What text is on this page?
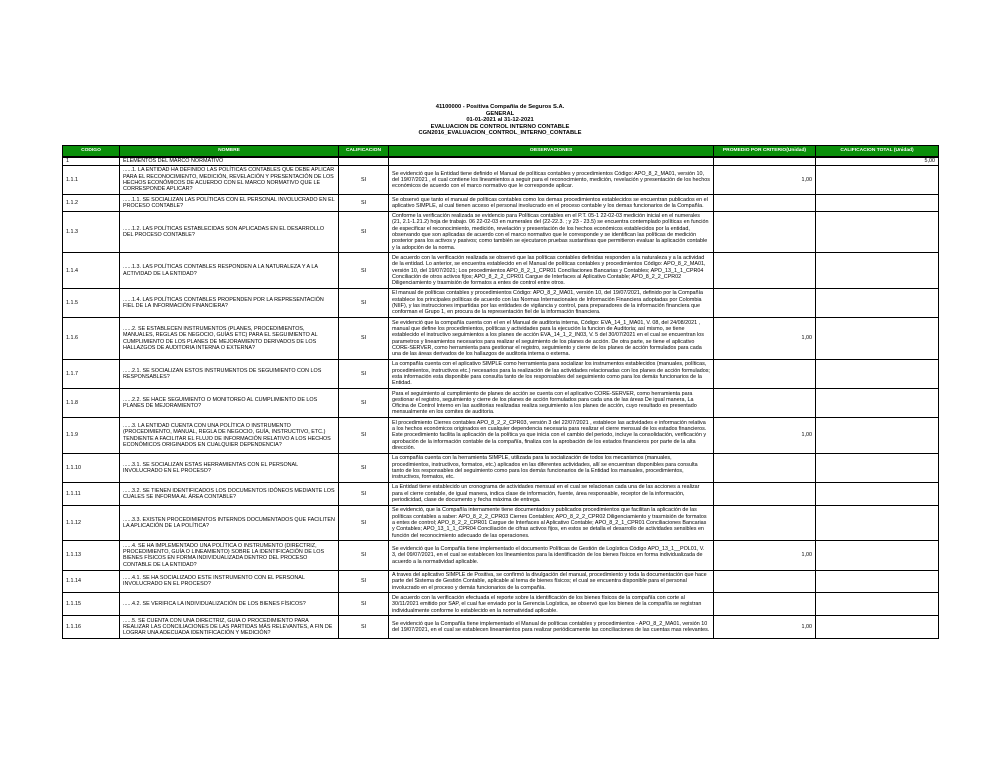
41100000 - Positiva Compañia de Seguros S.A.
GENERAL
01-01-2021 al 31-12-2021
EVALUACION DE CONTROL INTERNO CONTABLE
CGN2016_EVALUACION_CONTROL_INTERNO_CONTABLE
CODIGO	NOMBRE	CALIFICACION	OBSERVACIONES	PROMEDIO POR CRITERIO(Unidad)	CALIFICACION TOTAL (Unidad)
1	ELEMENTOS DEL MARCO NORMATIVO				5,00
1.1.1	......1. LA ENTIDAD HA DEFINIDO LAS POLÍTICAS CONTABLES QUE DEBE APLICAR PARA EL RECONOCIMIENTO, MEDICIÓN, REVELACIÓN Y PRESENTACIÓN DE LOS HECHOS ECONÓMICOS DE ACUERDO CON EL MARCO NORMATIVO QUE LE CORRESPONDE APLICAR?	SI	Se evidenció que la Entidad tiene definido el Manual de políticas contables y procedimientos Código: APO_8_2_MA01, versión 10, del 19/07/2021 , el cual contiene los lineamientos a seguir para el reconocimiento, medición, revelación y presentación de los hechos económicos de acuerdo con el marco normativo que le corresponde aplicar.	1,00	
1.1.2	......1.1. SE SOCIALIZAN LAS POLÍTICAS CON EL PERSONAL INVOLUCRADO EN EL PROCESO CONTABLE?	SI	Se observó que tanto el manual de políticas contables como los demas procedimientos establecidos se encuentran publicados en el aplicativo SIMPLE, al cual tienen acceso el personal involucrado en el proceso contable y los demas funcionarios de la Compañía.		
1.1.3	......1.2. LAS POLÍTICAS ESTABLECIDAS SON APLICADAS EN EL DESARROLLO DEL PROCESO CONTABLE?	SI	Conforme la verificación realizada se evidencio para Políticas contables en el P.T. 05-1 22-02-03 medición inicial en el numerales (21, 2.1-1.21.2) hoja de trabajo. 06 22-02-03 en numerales del (22-22.3. ; y 23 - 23.5) se encuentra contemplado políticas en función de especificar el reconocimiento, medición, revelación y presentación de los hechos económicos establecidos por la entidad, observando que son aplicadas de acuerdo con el marco normativo que le corresponde y se identifican las políticas de medición posterior para los activos y pasivos; como también se ejecutaron pruebas sustantivas que permitieron evaluar la aplicación contable y la adopción de la norma.		
1.1.4	......1.3. LAS POLÍTICAS CONTABLES RESPONDEN A LA NATURALEZA Y A LA ACTIVIDAD DE LA ENTIDAD?	SI	De acuerdo con la verificación realizada se observó que las políticas contables definidas responden a la naturaleza y a la actividad de la entidad. Lo anterior, se encuentra establecido en el Manual de políticas contables y procedimientos Código: APO_8_2_MA01, versión 10, del 19/07/2021; Los procedimientos APO_8_2_1_CPR01 Conciliaciones Bancarias y Contables; APO_13_1_1_CPR04 Conciliación de otros activos fijos; APO_8_2_2_CPR01 Cargue de Interfaces al Aplicativo Contable; APO_8_2_2_CPR02 Diligenciamiento y trasmisión de formatos a entes de control entre otros.		
1.1.5	......1.4. LAS POLÍTICAS CONTABLES PROPENDEN POR LA REPRESENTACIÓN FIEL DE LA INFORMACIÓN FINANCIERA?	SI	El manual de políticas contables y procedimientos Código: APO_8_2_MA01, versión 10, del 19/07/2021, definido por la Compañía establece los principales políticas de acuerdo con las Normas Internacionales de Información Financiera adoptadas por Colombia (NIIF), y las instrucciones impartidas por las entidades de vigilancia y control, para preparadores de la información financiera que conforman el Grupo 1, en procura de la representación fiel de la información financiera.		
1.1.6	......2. SE ESTABLECEN INSTRUMENTOS (PLANES, PROCEDIMIENTOS, MANUALES, REGLAS DE NEGOCIO, GUÍAS ETC) PARA EL SEGUIMIENTO AL CUMPLIMIENTO DE LOS PLANES DE MEJORAMIENTO DERIVADOS DE LOS HALLAZGOS DE AUDITORIA INTERNA O EXTERNA?	SI	Se evidenció que la compañía cuenta con el en el Manual de auditoria interna, Código: EVA_14_1_MA01, V. 08, del 24/08/2021 , manual que define los procedimientos, políticas y actividades para la ejecución la funcion de Auditoria; así mismo, se tiene establecido el instructivo seguimientos a los planes de acción EVA_14_1_2_IN03, V. 5 del 30/07/2021 en el cual se encuentran los parametros y lineamientos necesarios para realizar el seguimiento de los planes de acción. De otra parte, se tiene el aplicativo CORE-SERVER, como herramienta para gestionar el registro, seguimiento y cierre de los planes de acción formulados para cada una de las áreas derivados de los hallazgos de auditoria interna o externa.	1,00	
1.1.7	......2.1. SE SOCIALIZAN ESTOS INSTRUMENTOS DE SEGUIMIENTO CON LOS RESPONSABLES?	SI	La compañía cuenta con el aplicativo SIMPLE como herramienta para socializar los instrumentos establecidos (manuales, políticas, procedimientos, instructivos etc.) necesarios para la realización de las actividades relacionadas con los planes de acción formulados; esta información esta disponible para consulta tanto de los responsables del seguimiento como para los demás funcionarios de la Entidad.		
1.1.8	......2.2. SE HACE SEGUIMIENTO O MONITOREO AL CUMPLIMIENTO DE LOS PLANES DE MEJORAMIENTO?	SI	Para el seguimiento al cumplimiento de planes de acción se cuenta con el aplicativo CORE-SERVER, como herramienta para gestionar el registro, seguimiento y cierre de los planes de acción formulados para cada una de las áreas De igual manera, La Oficina de Control Interno en las auditorias realizadas realiza seguimiento a los planes de acción, cuyo resultado es presentado mensualmente en los comites de auditoria.		
1.1.9	......3. LA ENTIDAD CUENTA CON UNA POLÍTICA O INSTRUMENTO (PROCEDIMIENTO, MANUAL, REGLA DE NEGOCIO, GUÍA, INSTRUCTIVO, ETC.) TENDIENTE A FACILITAR EL FLUJO DE INFORMACIÓN RELATIVO A LOS HECHOS ECONÓMICOS ORIGINADOS EN CUALQUIER DEPENDENCIA?	SI	El procedimiento Cierres contables APO_8_2_2_CPR03, versión 3 del 22/07/2021 , establece las actividades e información relativa a los hechos económicos originados en cualquier dependencia necesaria para realizar el cierre mensual de los estados financieros. Este procedimiento facilita la aplicación de la política ya que inicia con el cambio del periodo, incluye la consolidación, verificación y aprobación de la información contable de la compañía, finaliza con la aprobación de los estados financieros por parte de la alta dirección.	1,00	
1.1.10	......3.1. SE SOCIALIZAN ESTAS HERRAMIENTAS CON EL PERSONAL INVOLUCRADO EN EL PROCESO?	SI	La compañía cuenta con la herramienta SIMPLE, utilizada para la socialización de todos los mecanismos (manuales, procedimientos, instructivos, formatos, etc.) aplicados en las diferentes actividades, allí se encuentran disponibles para consulta tanto de los responsables del seguimiento como para los demás funcionarios de la Entidad los manuales, procedimientos, instructivos, formatos, etc.		
1.1.11	......3.2. SE TIENEN IDENTIFICADOS LOS DOCUMENTOS IDÓNEOS MEDIANTE LOS CUALES SE INFORMA AL ÁREA CONTABLE?	SI	La Entidad tiene establecido un cronograma de actividades mensual en el cual se relacionan cada una de las acciones a realizar para el cierre contable, de igual manera, indica clase de información, fuente, área responsable, receptor de la información, periodicidad, clase de documento y fecha máxima de entrega.		
1.1.12	......3.3. EXISTEN PROCEDIMIENTOS INTERNOS DOCUMENTADOS QUE FACILITEN LA APLICACIÓN DE LA POLÍTICA?	SI	Se evidenció, que la Compañía internamente tiene documentados y publicados procedimientos que facilitan la aplicación de las políticas contables a saber: APO_8_2_2_CPR03 Cierres Contables; APO_8_2_2_CPR02 Diligenciamiento y trasmisión de formatos a entes de control; APO_8_2_2_CPR01 Cargue de Interfaces al Aplicativo Contable; APO_8_2_1_CPR01 Conciliaciones Bancarias y Contables; APO_13_1_1_CPR04 Conciliación de cifras activos fijos, en estos se detalla el desarrollo de actividades sensibles en función del reconocimiento adecuado de las operaciones.		
1.1.13	......4. SE HA IMPLEMENTADO UNA POLÍTICA O INSTRUMENTO (DIRECTRIZ, PROCEDIMIENTO, GUÍA O LINEAMIENTO) SOBRE LA IDENTIFICACIÓN DE LOS BIENES FÍSICOS EN FORMA INDIVIDUALIZADA DENTRO DEL PROCESO CONTABLE DE LA ENTIDAD?	SI	Se evidenció que la Compañía tiene implementado el documento Políticas de Gestión de Logística Código APO_13_1__POL01, V. 3, del 09/07/2021, en el cual se establecen los lineamientos para la identificación de los bienes físicos en forma individualizada de acuerdo a la normatividad aplicable.	1,00	
1.1.14	......4.1. SE HA SOCIALIZADO ESTE INSTRUMENTO CON EL PERSONAL INVOLUCRADO EN EL PROCESO?	SI	A traves del aplicativo SIMPLE de Positiva, se confirmó la divulgación del manual, procedimiento y toda la documentación que hace parte del Sistema de Gestión Contable, aplicable al tema de bienes físicos; el cual se encuentra disponible para el personal involucrado en el proceso y demás funcionarios de la compañía.		
1.1.15	......4.2. SE VERIFICA LA INDIVIDUALIZACIÓN DE LOS BIENES FÍSICOS?	SI	De acuerdo con la verificación efectuada el reporte sobre la identificación de los bienes físicos de la compañía con corte al 30/11/2021 emitido por SAP, el cual fue enviado por la Gerencia Logística, se observó que los bienes de la compañía se registran individualmente conforme lo establecido en la normatividad aplicable.		
1.1.16	......5. SE CUENTA CON UNA DIRECTRIZ, GUIA O PROCEDIMIENTO PARA REALIZAR LAS CONCILIACIONES DE LAS PARTIDAS MÁS RELEVANTES, A FIN DE LOGRAR UNA ADECUADA IDENTIFICACIÓN Y MEDICIÓN?	SI	Se evidenció que la Compañía tiene implementado el Manual de políticas contables y procedimientos - APO_8_2_MA01, versión 10 del 19/07/2021, en el cual se establecen lineamientos para realizar periódicamente las conciliaciones de las cuentas mas relevantes.	1,00	
